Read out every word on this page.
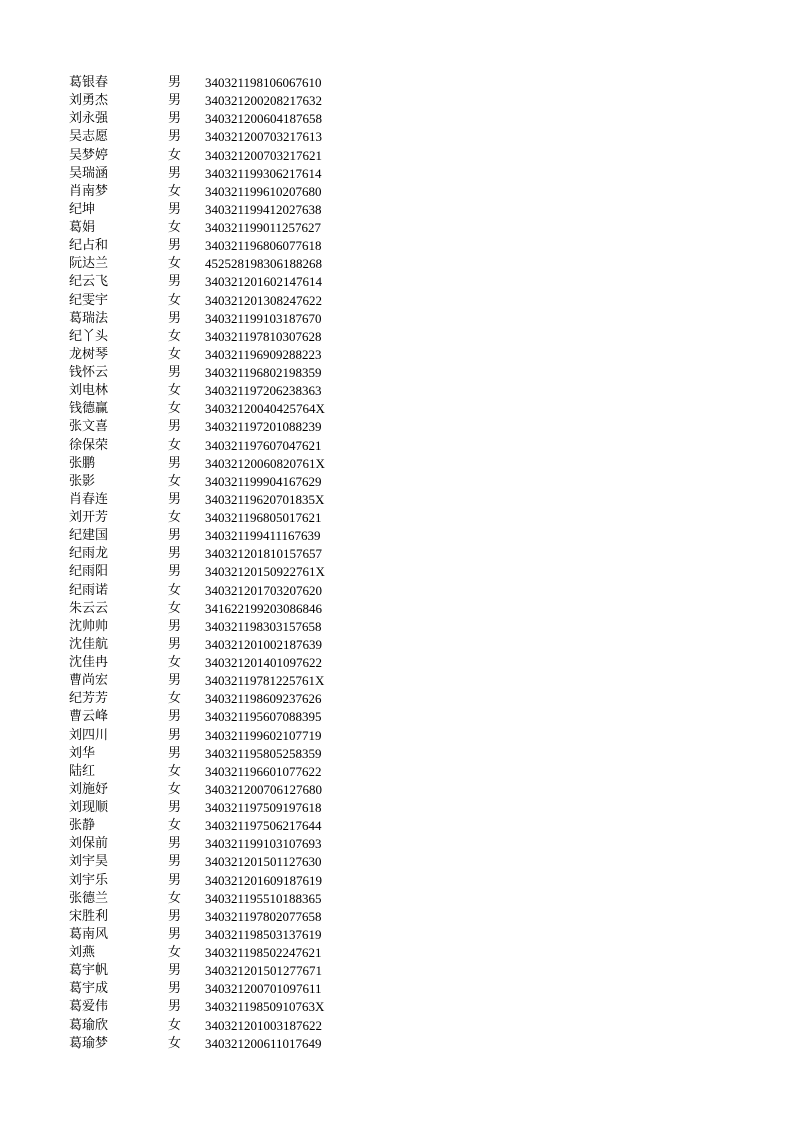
葛银春	男	340321198106067610
刘勇杰	男	340321200208217632
刘永强	男	340321200604187658
吴志愿	男	340321200703217613
吴梦婷	女	340321200703217621
吴瑞涵	男	340321199306217614
肖南梦	女	340321199610207680
纪坤	男	340321199412027638
葛娟	女	340321199011257627
纪占和	男	340321196806077618
阮达兰	女	452528198306188268
纪云飞	男	340321201602147614
纪雯宇	女	340321201308247622
葛瑞法	男	340321199103187670
纪丫头	女	340321197810307628
龙树琴	女	340321196909288223
钱怀云	男	340321196802198359
刘电林	女	340321197206238363
钱德赢	女	34032120040425764X
张文喜	男	340321197201088239
徐保荣	女	340321197607047621
张鹏	男	34032120060820761X
张影	女	340321199904167629
肖春连	男	34032119620701835X
刘开芳	女	340321196805017621
纪建国	男	340321199411167639
纪雨龙	男	340321201810157657
纪雨阳	男	34032120150922761X
纪雨诺	女	340321201703207620
朱云云	女	341622199203086846
沈帅帅	男	340321198303157658
沈佳航	男	340321201002187639
沈佳冉	女	340321201401097622
曹尚宏	男	34032119781225761X
纪芳芳	女	340321198609237626
曹云峰	男	340321195607088395
刘四川	男	340321199602107719
刘华	男	340321195805258359
陆红	女	340321196601077622
刘施妤	女	340321200706127680
刘现顺	男	340321197509197618
张静	女	340321197506217644
刘保前	男	340321199103107693
刘宇昊	男	340321201501127630
刘宇乐	男	340321201609187619
张德兰	女	340321195510188365
宋胜利	男	340321197802077658
葛南风	男	340321198503137619
刘燕	女	340321198502247621
葛宇帆	男	340321201501277671
葛宇成	男	340321200701097611
葛爱伟	男	34032119850910763X
葛瑜欣	女	340321201003187622
葛瑜梦	女	340321200611017649
